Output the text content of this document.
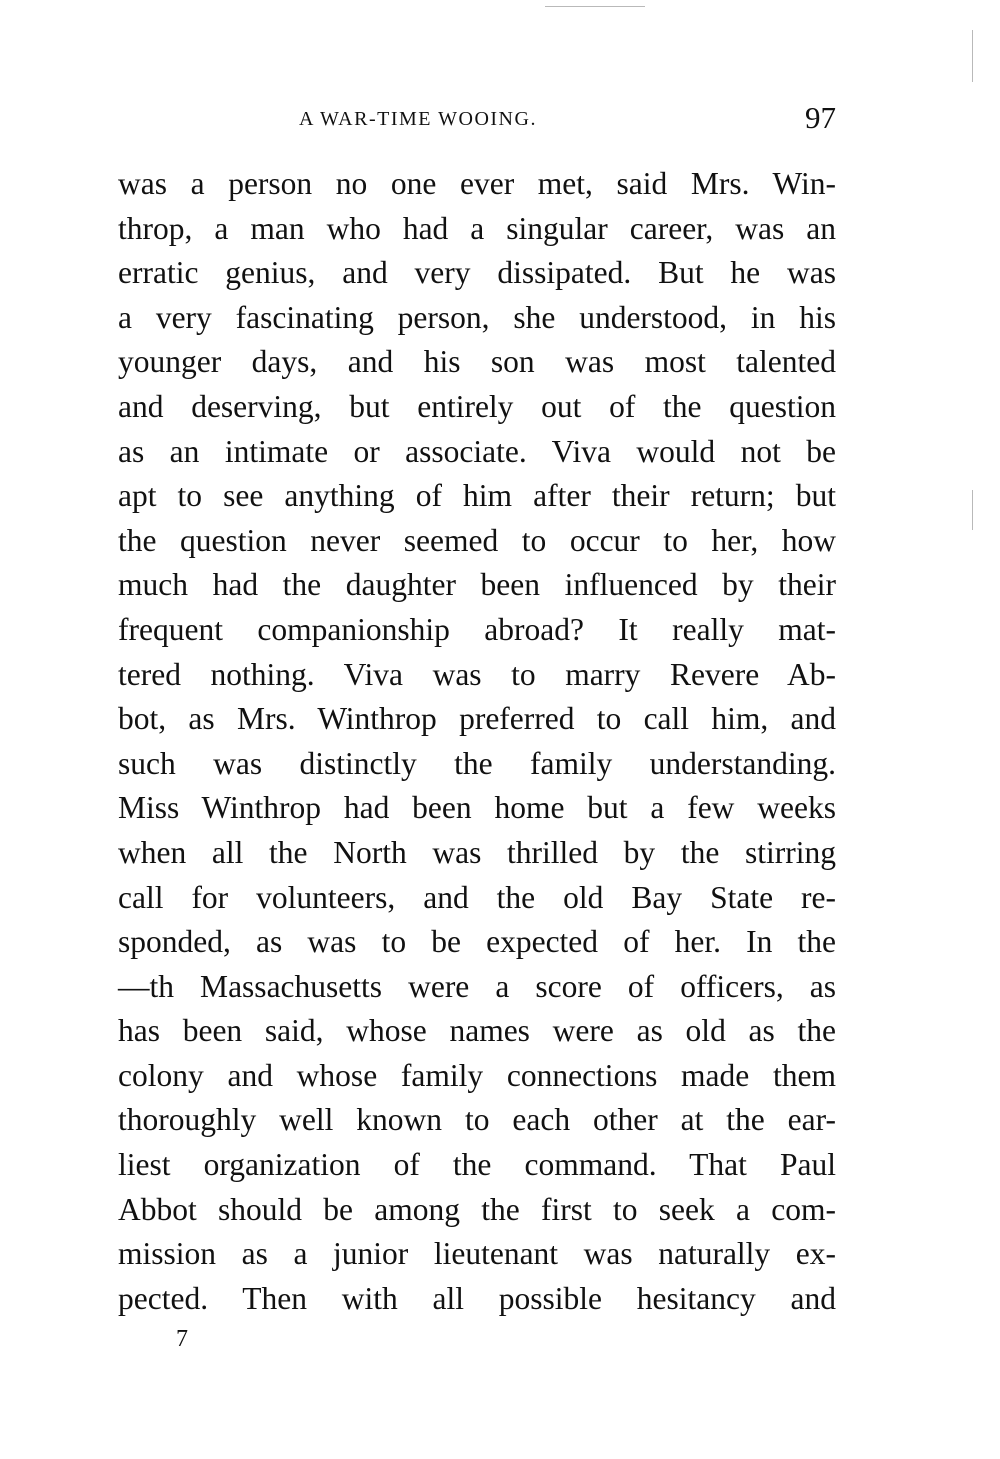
A WAR-TIME WOOING.	97
was a person no one ever met, said Mrs. Win-
throp, a man who had a singular career, was an
erratic genius, and very dissipated. But he was
a very fascinating person, she understood, in his
younger days, and his son was most talented
and deserving, but entirely out of the question
as an intimate or associate. Viva would not be
apt to see anything of him after their return; but
the question never seemed to occur to her, how
much had the daughter been influenced by their
frequent companionship abroad? It really mat-
tered nothing. Viva was to marry Revere Ab-
bot, as Mrs. Winthrop preferred to call him, and
such was distinctly the family understanding.
Miss Winthrop had been home but a few weeks
when all the North was thrilled by the stirring
call for volunteers, and the old Bay State re-
sponded, as was to be expected of her. In the
—th Massachusetts were a score of officers, as
has been said, whose names were as old as the
colony and whose family connections made them
thoroughly well known to each other at the ear-
liest organization of the command. That Paul
Abbot should be among the first to seek a com-
mission as a junior lieutenant was naturally ex-
pected. Then with all possible hesitancy and
7
